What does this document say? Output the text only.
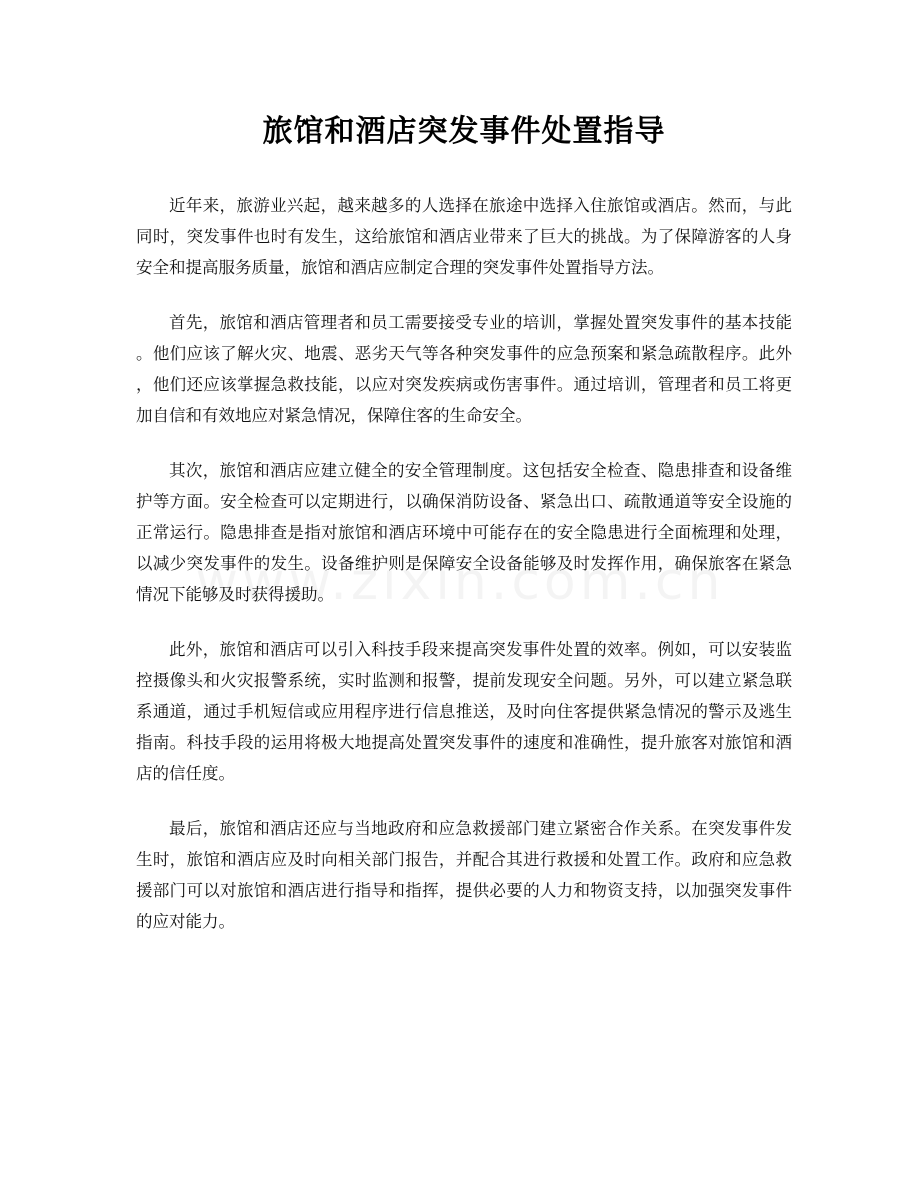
旅馆和酒店突发事件处置指导

近年来，旅游业兴起，越来越多的人选择在旅途中选择入住旅馆或酒店。然而，与此同时，突发事件也时有发生，这给旅馆和酒店业带来了巨大的挑战。为了保障游客的人身安全和提高服务质量，旅馆和酒店应制定合理的突发事件处置指导方法。

首先，旅馆和酒店管理者和员工需要接受专业的培训，掌握处置突发事件的基本技能。他们应该了解火灾、地震、恶劣天气等各种突发事件的应急预案和紧急疏散程序。此外，他们还应该掌握急救技能，以应对突发疾病或伤害事件。通过培训，管理者和员工将更加自信和有效地应对紧急情况，保障住客的生命安全。

其次，旅馆和酒店应建立健全的安全管理制度。这包括安全检查、隐患排查和设备维护等方面。安全检查可以定期进行，以确保消防设备、紧急出口、疏散通道等安全设施的正常运行。隐患排查是指对旅馆和酒店环境中可能存在的安全隐患进行全面梳理和处理，以减少突发事件的发生。设备维护则是保障安全设备能够及时发挥作用，确保旅客在紧急情况下能够及时获得援助。

此外，旅馆和酒店可以引入科技手段来提高突发事件处置的效率。例如，可以安装监控摄像头和火灾报警系统，实时监测和报警，提前发现安全问题。另外，可以建立紧急联系通道，通过手机短信或应用程序进行信息推送，及时向住客提供紧急情况的警示及逃生指南。科技手段的运用将极大地提高处置突发事件的速度和准确性，提升旅客对旅馆和酒店的信任度。

最后，旅馆和酒店还应与当地政府和应急救援部门建立紧密合作关系。在突发事件发生时，旅馆和酒店应及时向相关部门报告，并配合其进行救援和处置工作。政府和应急救援部门可以对旅馆和酒店进行指导和指挥，提供必要的人力和物资支持，以加强突发事件的应对能力。
